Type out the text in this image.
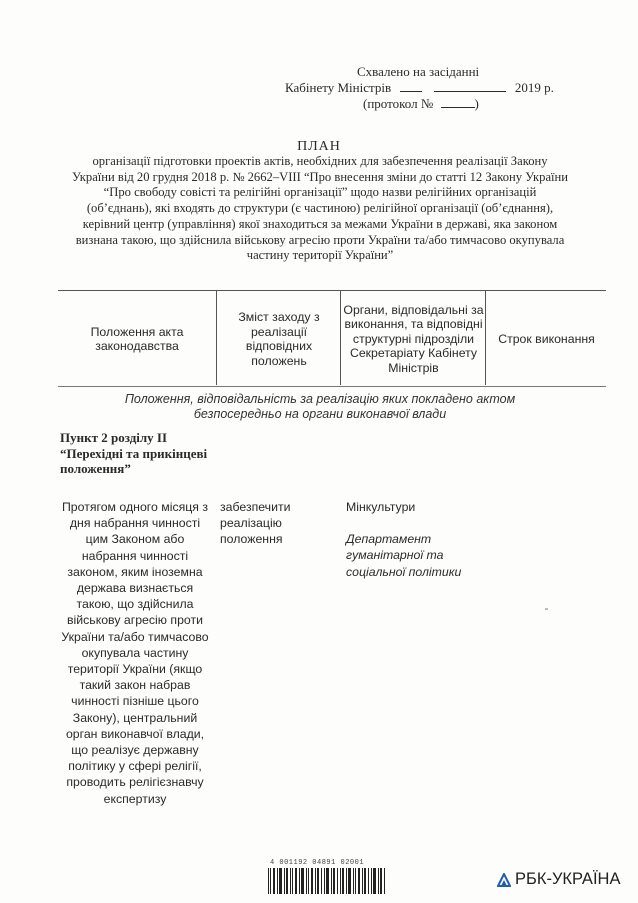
Схвалено на засіданні
Кабінету Міністрів	2019 р.
(протокол №	)
ПЛАН
організації підготовки проектів актів, необхідних для забезпечення реалізації Закону України від 20 грудня 2018 р. № 2662–VIII “Про внесення зміни до статті 12 Закону України “Про свободу совісті та релігійні організації” щодо назви релігійних організацій (об’єднань), які входять до структури (є частиною) релігійної організації (об’єднання), керівний центр (управління) якої знаходиться за межами України в державі, яка законом визнана такою, що здійснила військову агресію проти України та/або тимчасово окупувала частину території України”
Положення акта законодавства
Зміст заходу з реалізації відповідних положень
Органи, відповідальні за виконання, та відповідні структурні підрозділи Секретаріату Кабінету Міністрів
Строк виконання
Положення, відповідальність за реалізацію яких покладено актом безпосередньо на органи виконавчої влади
Пункт 2 розділу II “Перехідні та прикінцеві положення”
Протягом одного місяця з дня набрання чинності цим Законом або набрання чинності законом, яким іноземна держава визнається такою, що здійснила військову агресію проти України та/або тимчасово окупувала частину території України (якщо такий закон набрав чинності пізніше цього Закону), центральний орган виконавчої влади, що реалізує державну політику у сфері релігії, проводить релігієзнавчу експертизу
забезпечити реалізацію положення
Мінкультури
Департамент гуманітарної та соціальної політики
4 001192 04891 02001
РБК-УКРАЇНА
